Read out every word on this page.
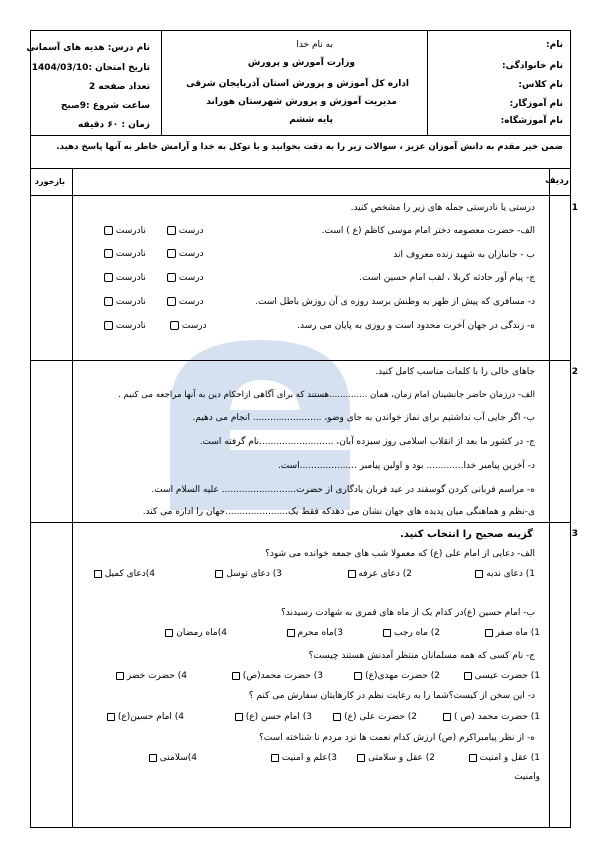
نام:
نام خانوادگی:
نام کلاس:
نام آموزگار:
نام آموزشگاه:
به نام خدا
وزارت آموزش و پرورش
اداره کل آموزش و پرورش استان آذربایجان شرقی
مدیریت آموزش و پرورش شهرستان هوراند
پایه ششم
نام درس: هدیه های آسمانی
تاریخ امتحان :1404/03/10
تعداد صفحه 2
ساعت شروع :9صبح
زمان : ۶۰ دقیقه
ضمن خیر مقدم به دانش آموزان عزیز ، سوالات زیر را به دقت بخوانید و با توکل به خدا و آرامش خاطر به آنها پاسخ دهید.
ردیف
بازخورد
1
درستی یا نادرستی جمله های زیر را مشخص کنید.
الف- حضرت معصومه دختر امام موسی کاظم (ع ) است.
ب - جانبازان به شهید زنده معروف اند
ج- پیام آور حادثه کربلا ، لقب امام حسین است.
د- مسافری که پیش از ظهر به وطنش برسد روزه ی آن روزش باطل است.
ه- زندگی در جهان آخرت محدود است و روزی به پایان می رسد.
درست
نادرست
درست
نادرست
درست
نادرست
درست
نادرست
درست
نادرست
2
جاهای خالی را با کلمات مناسب کامل کنید.
الف- درزمان حاضر جانشینان امام زمان، همان ..............هستند که برای آگاهی ازاحکام دین به آنها مراجعه می کنیم .
ب- اگر جایی آب نداشتیم برای نماز خواندن به جای وضو، ........................ انجام می دهیم.
ج- در کشور ما بعد از انقلاب اسلامی روز سیزده آبان، ..........................نام گرفته است.
د- آخرین پیامبر خدا............. بود و اولین پیامبر ....................است.
ه- مراسم قربانی کردن گوسفند در عید قربان یادگاری از حضرت.......................... علیه السلام است.
ی-نظم و هماهنگی میان پدیده های جهان نشان می دهدکه فقط یک......................جهان را اداره می کند.
3
گزینه صحیح را انتخاب کنید.
الف- دعایی از امام علی (ع) که معمولا شب های جمعه خوانده می شود؟
1) دعای ندبه
2) دعای عرفه
3) دعای توسل
4)دعای کمیل
ب- امام حسین (ع)در کدام یک از ماه های قمری به شهادت رسیدند؟
1) ماه صفر
2) ماه رجب
3)ماه محرم
4)ماه رمضان
ج- نام کسی که همه مسلمانان منتظر آمدنش هستند چیست؟
1) حضرت عیسی
2) حضرت مهدی(ع)
3) حضرت محمد(ص)
4) حضرت خضر
د- این سخن از کیست؟شما را به رعایت نظم در کارهایتان سفارش می کنم ؟
1) حضرت محمد (ص )
2) حضرت علی (ع)
3) امام حسن (ع)
4) امام حسین(ع)
ه- از نظر پیامبراکرم (ص) ارزش کدام نعمت ها نزد مردم نا شناخته است؟
1) عقل و امنیت
2) عقل و سلامتی
3)علم و امنیت
4)سلامتی
وامنیت
